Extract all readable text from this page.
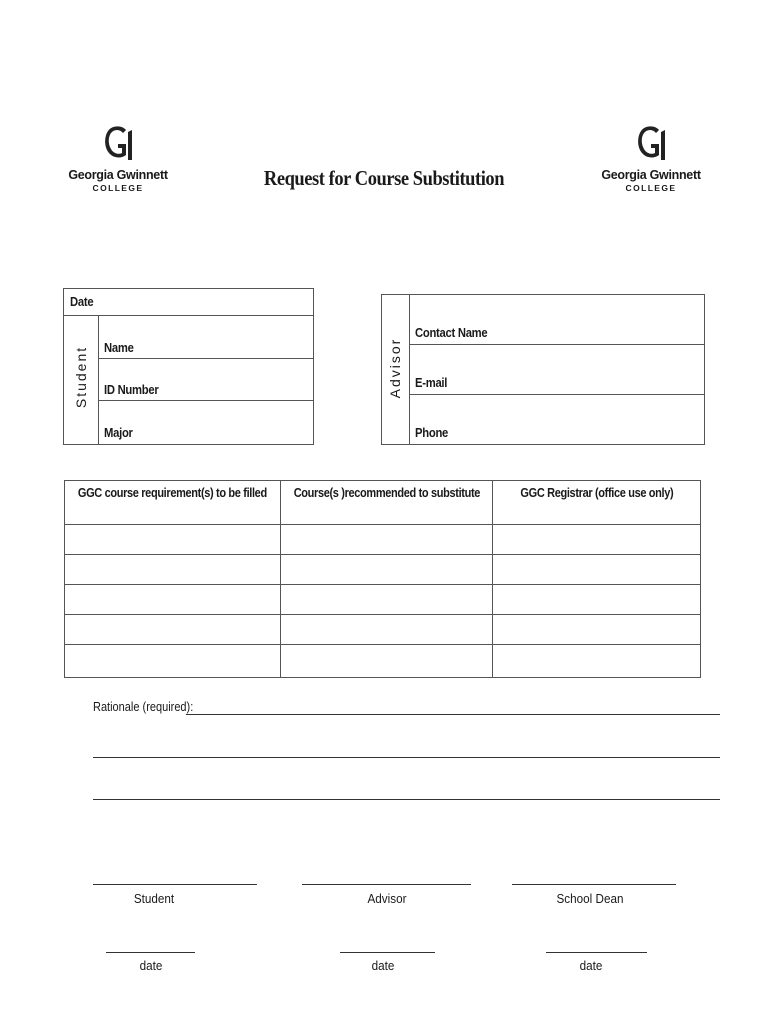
Georgia Gwinnett
COLLEGE
Georgia Gwinnett
COLLEGE
Request for Course Substitution
Date
Student Name
ID Number
Major
Advisor
Contact Name
E-mail
Phone
GGC course requirement(s) to be filled	Course(s )recommended to substitute	GGC Registrar (office use only)

Rationale (required):
Student	Advisor	School Dean
date	date	date
